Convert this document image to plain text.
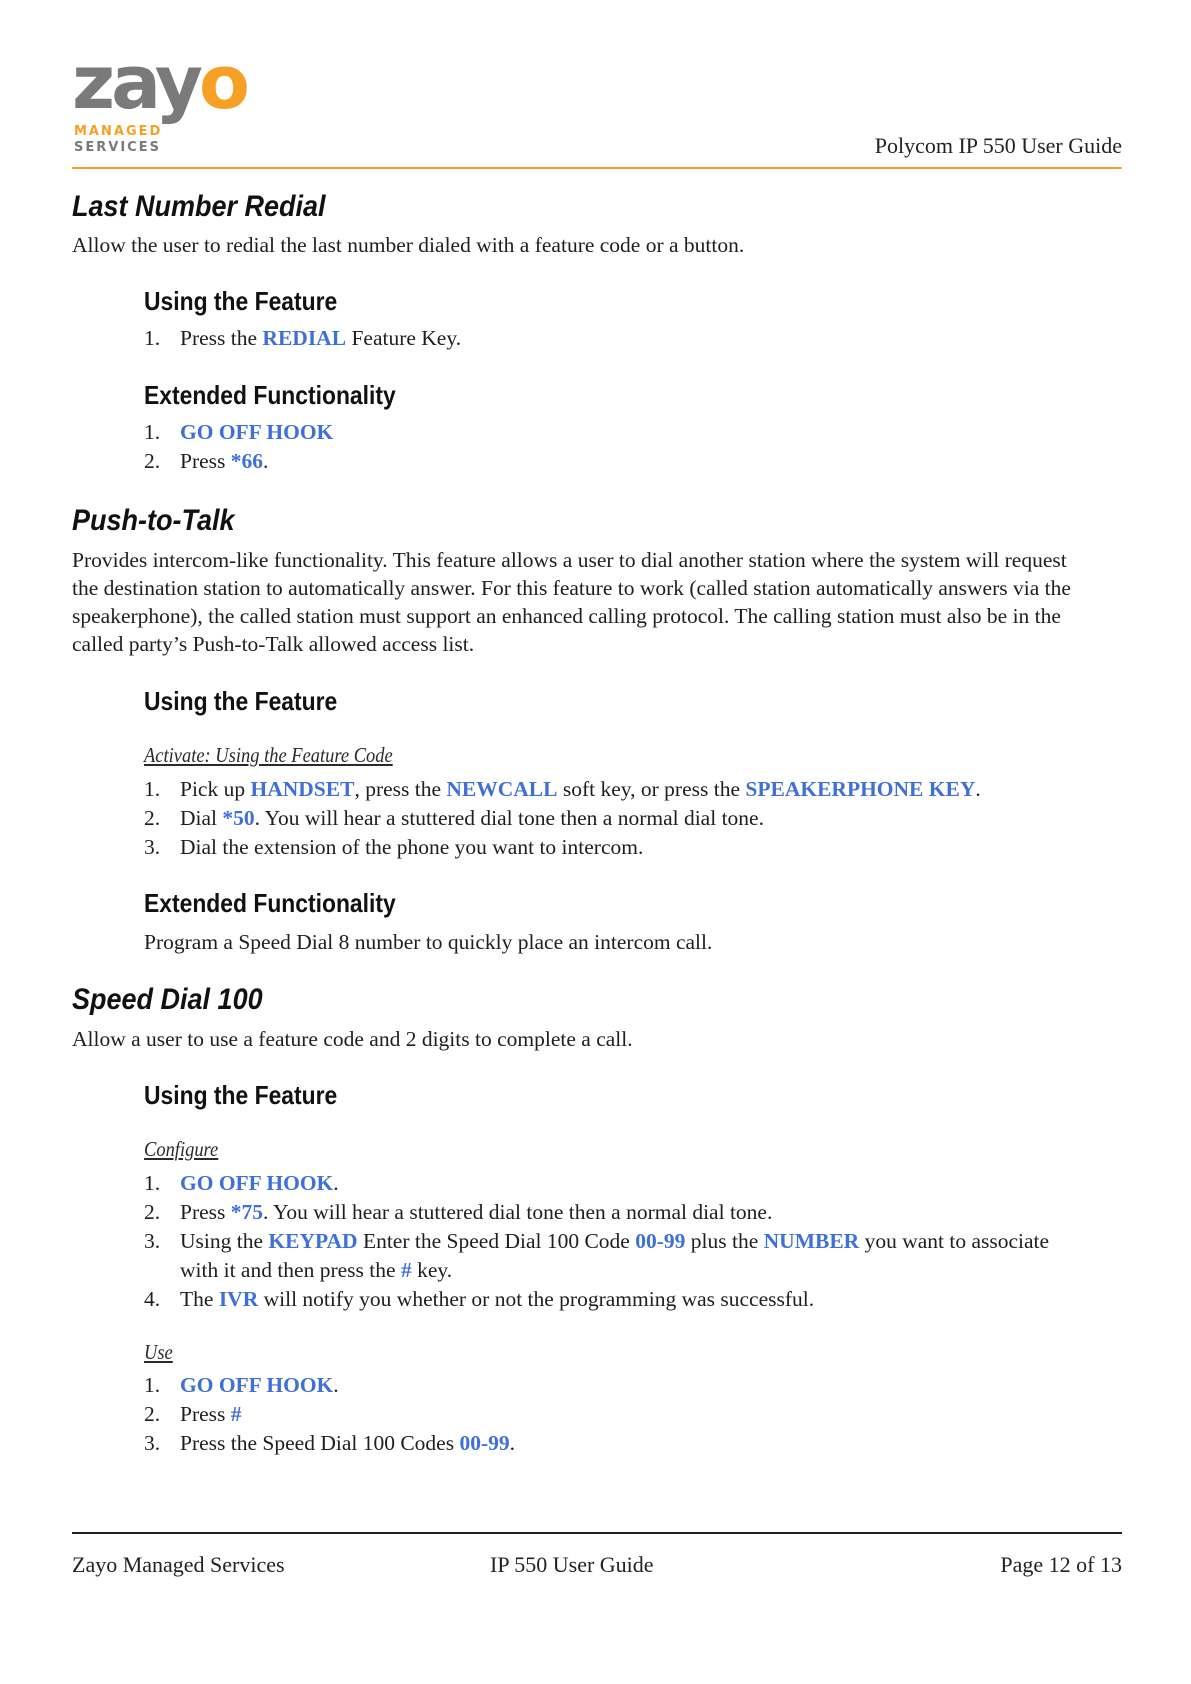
zayo
MANAGED
SERVICES	Polycom IP 550 User Guide
Last Number Redial
Allow the user to redial the last number dialed with a feature code or a button.
Using the Feature
1. Press the REDIAL Feature Key.
Extended Functionality
1. GO OFF HOOK
2. Press *66.
Push-to-Talk
Provides intercom-like functionality. This feature allows a user to dial another station where the system will request
the destination station to automatically answer. For this feature to work (called station automatically answers via the
speakerphone), the called station must support an enhanced calling protocol. The calling station must also be in the
called party’s Push-to-Talk allowed access list.
Using the Feature
Activate: Using the Feature Code
1. Pick up HANDSET, press the NEWCALL soft key, or press the SPEAKERPHONE KEY.
2. Dial *50. You will hear a stuttered dial tone then a normal dial tone.
3. Dial the extension of the phone you want to intercom.
Extended Functionality
Program a Speed Dial 8 number to quickly place an intercom call.
Speed Dial 100
Allow a user to use a feature code and 2 digits to complete a call.
Using the Feature
Configure
1. GO OFF HOOK.
2. Press *75. You will hear a stuttered dial tone then a normal dial tone.
3. Using the KEYPAD Enter the Speed Dial 100 Code 00-99 plus the NUMBER you want to associate
with it and then press the # key.
4. The IVR will notify you whether or not the programming was successful.
Use
1. GO OFF HOOK.
2. Press #
3. Press the Speed Dial 100 Codes 00-99.
Zayo Managed Services	IP 550 User Guide	Page 12 of 13
